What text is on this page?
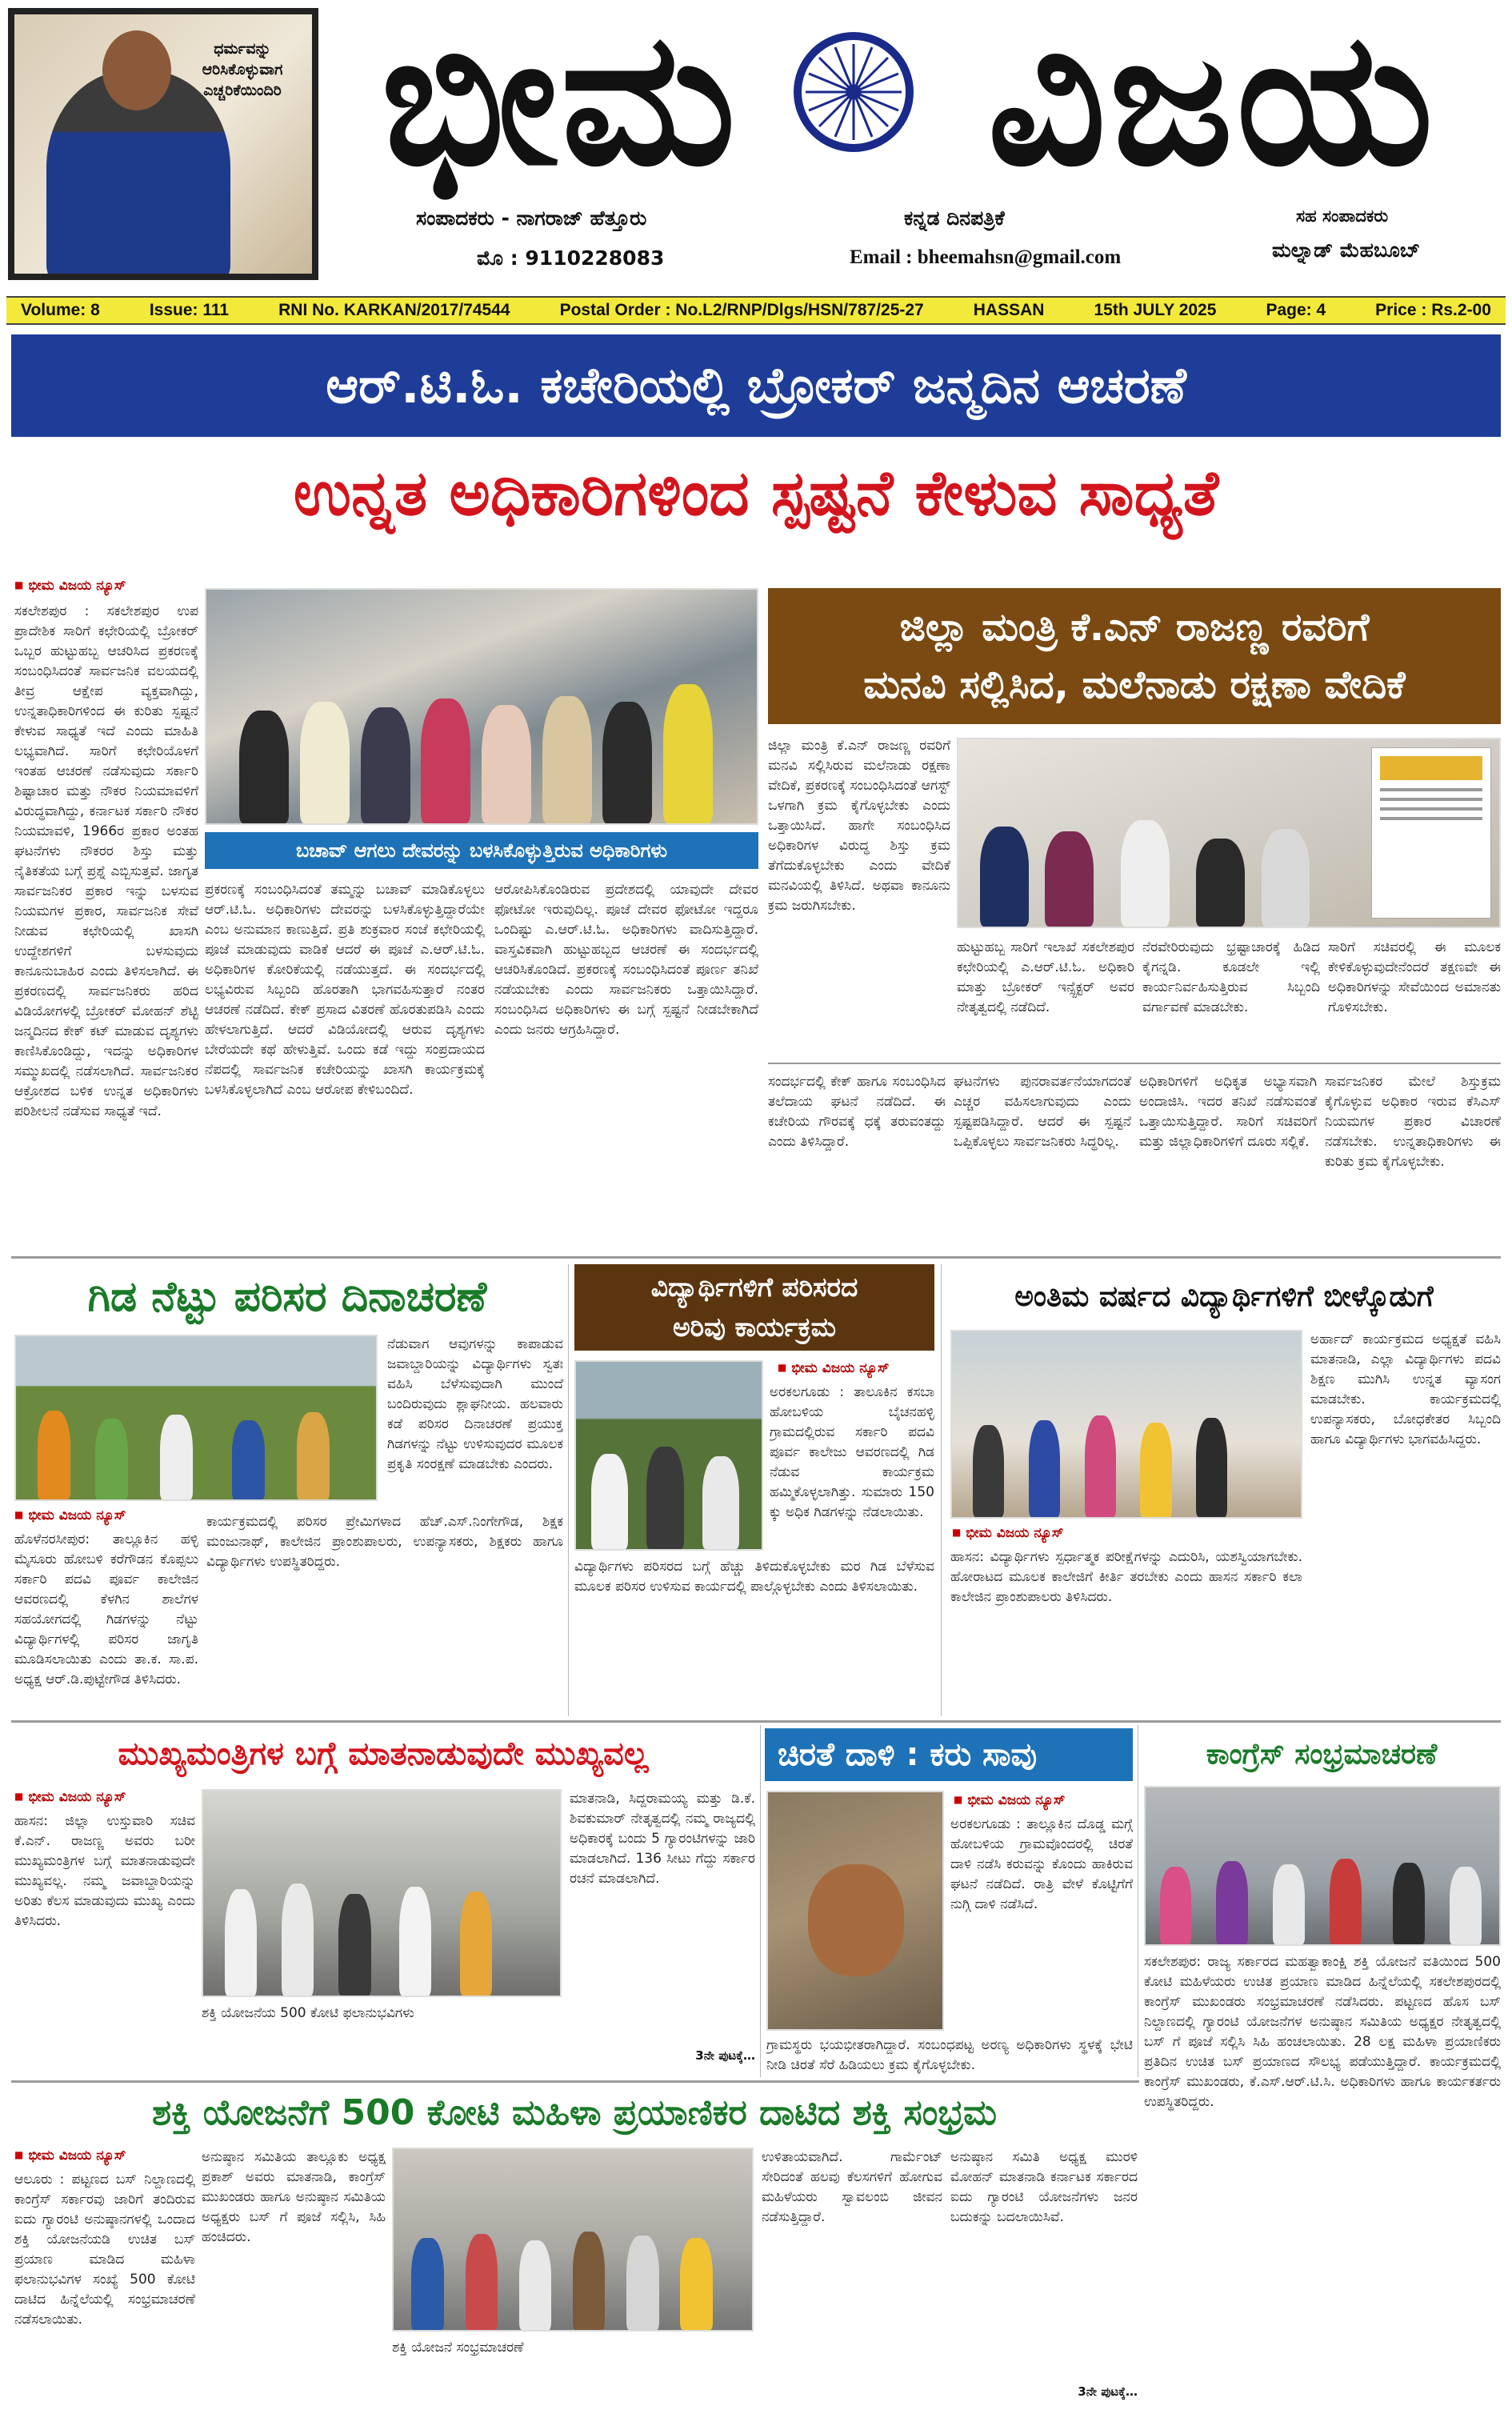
ಧರ್ಮವನ್ನು
ಆರಿಸಿಕೊಳ್ಳುವಾಗ
ಎಚ್ಚರಿಕೆಯಿಂದಿರಿ ಭೀಮ	ವಿಜಯ
ಸಂಪಾದಕರು - ನಾಗರಾಜ್ ಹೆತ್ತೂರು
ಮೊ : 9110228083
ಕನ್ನಡ ದಿನಪತ್ರಿಕೆ
Email : bheemahsn@gmail.com
ಸಹ ಸಂಪಾದಕರು
ಮಲ್ನಾಡ್ ಮೆಹಬೂಬ್
Volume: 8	Issue: 111	RNI No. KARKAN/2017/74544	Postal Order : No.L2/RNP/Dlgs/HSN/787/25-27	HASSAN	15th JULY 2025	Page: 4	Price : Rs.2-00
ಆರ್.ಟಿ.ಓ. ಕಚೇರಿಯಲ್ಲಿ ಬ್ರೋಕರ್ ಜನ್ಮದಿನ ಆಚರಣೆ
ಉನ್ನತ ಅಧಿಕಾರಿಗಳಿಂದ ಸ್ಪಷ್ಟನೆ ಕೇಳುವ ಸಾಧ್ಯತೆ
■ ಭೀಮ ವಿಜಯ ನ್ಯೂಸ್
ಸಕಲೇಶಪುರ : ಸಕಲೇಶಪುರ ಉಪ ಪ್ರಾದೇಶಿಕ ಸಾರಿಗೆ ಕಛೇರಿಯಲ್ಲಿ ಬ್ರೋಕರ್ ಒಬ್ಬರ ಹುಟ್ಟುಹಬ್ಬ ಆಚರಿಸಿದ ಪ್ರಕರಣಕ್ಕೆ ಸಂಬಂಧಿಸಿದಂತೆ ಸಾರ್ವಜನಿಕ ವಲಯದಲ್ಲಿ ತೀವ್ರ ಆಕ್ಷೇಪ ವ್ಯಕ್ತವಾಗಿದ್ದು, ಉನ್ನತಾಧಿಕಾರಿಗಳಿಂದ ಈ ಕುರಿತು ಸ್ಪಷ್ಟನೆ ಕೇಳುವ ಸಾಧ್ಯತೆ ಇದೆ ಎಂದು ಮಾಹಿತಿ ಲಭ್ಯವಾಗಿದೆ. ಸಾರಿಗೆ ಕಛೇರಿಯೊಳಗೆ ಇಂತಹ ಆಚರಣೆ ನಡೆಸುವುದು ಸರ್ಕಾರಿ ಶಿಷ್ಟಾಚಾರ ಮತ್ತು ನೌಕರ ನಿಯಮಾವಳಿಗೆ ವಿರುದ್ಧವಾಗಿದ್ದು, ಕರ್ನಾಟಕ ಸರ್ಕಾರಿ ನೌಕರ ನಿಯಮಾವಳಿ, 1966ರ ಪ್ರಕಾರ ಅಂತಹ ಘಟನೆಗಳು ನೌಕರರ ಶಿಸ್ತು ಮತ್ತು ನೈತಿಕತೆಯ ಬಗ್ಗೆ ಪ್ರಶ್ನೆ ಎಬ್ಬಿಸುತ್ತವೆ. ಜಾಗೃತ ಸಾರ್ವಜನಿಕರ ಪ್ರಕಾರ ಇನ್ನು ಬಳಸುವ ನಿಯಮಗಳ ಪ್ರಕಾರ, ಸಾರ್ವಜನಿಕ ಸೇವೆ ನೀಡುವ ಕಛೇರಿಯಲ್ಲಿ ಖಾಸಗಿ ಉದ್ದೇಶಗಳಿಗೆ ಬಳಸುವುದು ಕಾನೂನುಬಾಹಿರ ಎಂದು ತಿಳಿಸಲಾಗಿದೆ. ಈ ಪ್ರಕರಣದಲ್ಲಿ ಸಾರ್ವಜನಿಕರು ಹರಿದ ವಿಡಿಯೋಗಳಲ್ಲಿ ಬ್ರೋಕರ್ ಮೋಹನ್ ಶೆಟ್ಟಿ ಜನ್ಮದಿನದ ಕೇಕ್ ಕಟ್ ಮಾಡುವ ದೃಶ್ಯಗಳು ಕಾಣಿಸಿಕೊಂಡಿದ್ದು, ಇದನ್ನು ಅಧಿಕಾರಿಗಳ ಸಮ್ಮುಖದಲ್ಲಿ ನಡೆಸಲಾಗಿದೆ. ಸಾರ್ವಜನಿಕರ ಆಕ್ರೋಶದ ಬಳಿಕ ಉನ್ನತ ಅಧಿಕಾರಿಗಳು ಪರಿಶೀಲನೆ ನಡೆಸುವ ಸಾಧ್ಯತೆ ಇದೆ.
ಬಚಾವ್ ಆಗಲು ದೇವರನ್ನು ಬಳಸಿಕೊಳ್ಳುತ್ತಿರುವ ಅಧಿಕಾರಿಗಳು
ಪ್ರಕರಣಕ್ಕೆ ಸಂಬಂಧಿಸಿದಂತೆ ತಮ್ಮನ್ನು ಬಚಾವ್ ಮಾಡಿಕೊಳ್ಳಲು ಆರ್.ಟಿ.ಓ. ಅಧಿಕಾರಿಗಳು ದೇವರನ್ನು ಬಳಸಿಕೊಳ್ಳುತ್ತಿದ್ದಾರೆಯೇ ಎಂಬ ಅನುಮಾನ ಕಾಣುತ್ತಿದೆ. ಪ್ರತಿ ಶುಕ್ರವಾರ ಸಂಜೆ ಕಛೇರಿಯಲ್ಲಿ ಪೂಜೆ ಮಾಡುವುದು ವಾಡಿಕೆ ಆದರೆ ಈ ಪೂಜೆ ಎ.ಆರ್.ಟಿ.ಓ. ಅಧಿಕಾರಿಗಳ ಕೋರಿಕೆಯಲ್ಲಿ ನಡೆಯುತ್ತದೆ. ಈ ಸಂದರ್ಭದಲ್ಲಿ ಲಭ್ಯವಿರುವ ಸಿಬ್ಬಂದಿ ಹೊರತಾಗಿ ಭಾಗವಹಿಸುತ್ತಾರೆ ನಂತರ ಆಚರಣೆ ನಡೆದಿದೆ. ಕೇಕ್ ಪ್ರಸಾದ ವಿತರಣೆ ಹೊರತುಪಡಿಸಿ ಎಂದು ಹೇಳಲಾಗುತ್ತಿದೆ. ಆದರೆ ವಿಡಿಯೋದಲ್ಲಿ ಆರುವ ದೃಶ್ಯಗಳು ಬೇರೆಯದೇ ಕಥೆ ಹೇಳುತ್ತಿವೆ. ಒಂದು ಕಡೆ ಇದ್ದು ಸಂಪ್ರದಾಯದ ನೆಪದಲ್ಲಿ ಸಾರ್ವಜನಿಕ ಕಚೇರಿಯನ್ನು ಖಾಸಗಿ ಕಾರ್ಯಕ್ರಮಕ್ಕೆ ಬಳಸಿಕೊಳ್ಳಲಾಗಿದೆ ಎಂಬ ಆರೋಪ ಕೇಳಿಬಂದಿದೆ.
ಆರೋಪಿಸಿಕೊಂಡಿರುವ ಪ್ರದೇಶದಲ್ಲಿ ಯಾವುದೇ ದೇವರ ಫೋಟೋ ಇರುವುದಿಲ್ಲ. ಪೂಜೆ ದೇವರ ಫೋಟೋ ಇದ್ದರೂ ಒಂದಿಷ್ಟು ಎ.ಆರ್.ಟಿ.ಓ. ಅಧಿಕಾರಿಗಳು ವಾದಿಸುತ್ತಿದ್ದಾರೆ. ವಾಸ್ತವಿಕವಾಗಿ ಹುಟ್ಟುಹಬ್ಬದ ಆಚರಣೆ ಈ ಸಂದರ್ಭದಲ್ಲಿ ಆಚರಿಸಿಕೊಂಡಿದೆ. ಪ್ರಕರಣಕ್ಕೆ ಸಂಬಂಧಿಸಿದಂತೆ ಪೂರ್ಣ ತನಿಖೆ ನಡೆಯಬೇಕು ಎಂದು ಸಾರ್ವಜನಿಕರು ಒತ್ತಾಯಿಸಿದ್ದಾರೆ. ಸಂಬಂಧಿಸಿದ ಅಧಿಕಾರಿಗಳು ಈ ಬಗ್ಗೆ ಸ್ಪಷ್ಟನೆ ನೀಡಬೇಕಾಗಿದೆ ಎಂದು ಜನರು ಆಗ್ರಹಿಸಿದ್ದಾರೆ.
ಜಿಲ್ಲಾ ಮಂತ್ರಿ ಕೆ.ಎನ್ ರಾಜಣ್ಣ ರವರಿಗೆ
ಮನವಿ ಸಲ್ಲಿಸಿದ, ಮಲೆನಾಡು ರಕ್ಷಣಾ ವೇದಿಕೆ
ಜಿಲ್ಲಾ ಮಂತ್ರಿ ಕೆ.ಎನ್ ರಾಜಣ್ಣ ರವರಿಗೆ ಮನವಿ ಸಲ್ಲಿಸಿರುವ ಮಲೆನಾಡು ರಕ್ಷಣಾ ವೇದಿಕೆ, ಪ್ರಕರಣಕ್ಕೆ ಸಂಬಂಧಿಸಿದಂತೆ ಆಗಸ್ಟ್ ಒಳಗಾಗಿ ಕ್ರಮ ಕೈಗೊಳ್ಳಬೇಕು ಎಂದು ಒತ್ತಾಯಿಸಿದೆ. ಹಾಗೇ ಸಂಬಂಧಿಸಿದ ಅಧಿಕಾರಿಗಳ ವಿರುದ್ಧ ಶಿಸ್ತು ಕ್ರಮ ತೆಗೆದುಕೊಳ್ಳಬೇಕು ಎಂದು ವೇದಿಕೆ ಮನವಿಯಲ್ಲಿ ತಿಳಿಸಿದೆ. ಅಥವಾ ಕಾನೂನು ಕ್ರಮ ಜರುಗಿಸಬೇಕು.
ಹುಟ್ಟುಹಬ್ಬ ಸಾರಿಗೆ ಇಲಾಖೆ ಸಕಲೇಶಪುರ ಕಛೇರಿಯಲ್ಲಿ ಎ.ಆರ್.ಟಿ.ಓ. ಅಧಿಕಾರಿ ಮಾತ್ತು ಬ್ರೋಕರ್ ಇನ್ಸ್ಪೆಕ್ಟರ್ ಅವರ ನೇತೃತ್ವದಲ್ಲಿ ನಡೆದಿದೆ.
ನೆರವೇರಿರುವುದು ಭ್ರಷ್ಟಾಚಾರಕ್ಕೆ ಹಿಡಿದ ಕೈಗನ್ನಡಿ. ಕೂಡಲೇ ಇಲ್ಲಿ ಕಾರ್ಯನಿರ್ವಹಿಸುತ್ತಿರುವ ಸಿಬ್ಬಂದಿ ವರ್ಗಾವಣೆ ಮಾಡಬೇಕು.
ಸಾರಿಗೆ ಸಚಿವರಲ್ಲಿ ಈ ಮೂಲಕ ಕೇಳಿಕೊಳ್ಳುವುದೇನೆಂದರೆ ತಕ್ಷಣವೇ ಈ ಅಧಿಕಾರಿಗಳನ್ನು ಸೇವೆಯಿಂದ ಅಮಾನತು ಗೊಳಿಸಬೇಕು.
ಸಂದರ್ಭದಲ್ಲಿ ಕೇಕ್ ಹಾಗೂ ಸಂಬಂಧಿಸಿದ ತಲೆದಾಯ ಘಟನೆ ನಡೆದಿದೆ. ಈ ಕಚೇರಿಯ ಗೌರವಕ್ಕೆ ಧಕ್ಕೆ ತರುವಂತದ್ದು ಎಂದು ತಿಳಿಸಿದ್ದಾರೆ.
ಘಟನೆಗಳು ಪುನರಾವರ್ತನೆಯಾಗದಂತೆ ಎಚ್ಚರ ವಹಿಸಲಾಗುವುದು ಎಂದು ಸ್ಪಷ್ಟಪಡಿಸಿದ್ದಾರೆ. ಆದರೆ ಈ ಸ್ಪಷ್ಟನೆ ಒಪ್ಪಿಕೊಳ್ಳಲು ಸಾರ್ವಜನಿಕರು ಸಿದ್ಧರಿಲ್ಲ.
ಅಧಿಕಾರಿಗಳಿಗೆ ಅಧಿಕೃತ ಅಭ್ಯಾಸವಾಗಿ ಅಂದಾಜಿಸಿ. ಇದರ ತನಿಖೆ ನಡೆಸುವಂತೆ ಒತ್ತಾಯಿಸುತ್ತಿದ್ದಾರೆ. ಸಾರಿಗೆ ಸಚಿವರಿಗೆ ಮತ್ತು ಜಿಲ್ಲಾಧಿಕಾರಿಗಳಿಗೆ ದೂರು ಸಲ್ಲಿಕೆ.
ಸಾರ್ವಜನಿಕರ ಮೇಲೆ ಶಿಸ್ತುಕ್ರಮ ಕೈಗೊಳ್ಳುವ ಅಧಿಕಾರ ಇರುವ ಕೆಸಿಎಸ್ ನಿಯಮಗಳ ಪ್ರಕಾರ ವಿಚಾರಣೆ ನಡೆಸಬೇಕು. ಉನ್ನತಾಧಿಕಾರಿಗಳು ಈ ಕುರಿತು ಕ್ರಮ ಕೈಗೊಳ್ಳಬೇಕು.
ಗಿಡ ನೆಟ್ಟು ಪರಿಸರ ದಿನಾಚರಣೆ
ನೆಡುವಾಗ ಆವುಗಳನ್ನು ಕಾಪಾಡುವ ಜವಾಬ್ದಾರಿಯನ್ನು ವಿದ್ಯಾರ್ಥಿಗಳು ಸ್ವತಃ ವಹಿಸಿ ಬೆಳೆಸುವುದಾಗಿ ಮುಂದೆ ಬಂದಿರುವುದು ಶ್ಲಾಘನೀಯ. ಹಲವಾರು ಕಡೆ ಪರಿಸರ ದಿನಾಚರಣೆ ಪ್ರಯುಕ್ತ ಗಿಡಗಳನ್ನು ನೆಟ್ಟು ಉಳಿಸುವುದರ ಮೂಲಕ ಪ್ರಕೃತಿ ಸಂರಕ್ಷಣೆ ಮಾಡಬೇಕು ಎಂದರು.
■ ಭೀಮ ವಿಜಯ ನ್ಯೂಸ್
ಹೊಳೆನರಸೀಪುರ: ತಾಲ್ಲೂಕಿನ ಹಳ್ಳಿ ಮೈಸೂರು ಹೋಬಳಿ ಕರೆಗೌಡನ ಕೊಪ್ಪಲು ಸರ್ಕಾರಿ ಪದವಿ ಪೂರ್ವ ಕಾಲೇಜಿನ ಆವರಣದಲ್ಲಿ ಕೆಳಗಿನ ಶಾಲೆಗಳ ಸಹಯೋಗದಲ್ಲಿ ಗಿಡಗಳನ್ನು ನೆಟ್ಟು ವಿದ್ಯಾರ್ಥಿಗಳಲ್ಲಿ ಪರಿಸರ ಜಾಗೃತಿ ಮೂಡಿಸಲಾಯಿತು ಎಂದು ತಾ.ಕ. ಸಾ.ಪ. ಅಧ್ಯಕ್ಷ ಆರ್.ಡಿ.ಪುಟ್ಟೇಗೌಡ ತಿಳಿಸಿದರು.
ಕಾರ್ಯಕ್ರಮದಲ್ಲಿ ಪರಿಸರ ಪ್ರೇಮಿಗಳಾದ ಹೆಚ್.ಎಸ್.ನಿಂಗೇಗೌಡ, ಶಿಕ್ಷಕ ಮಂಜುನಾಥ್, ಕಾಲೇಜಿನ ಪ್ರಾಂಶುಪಾಲರು, ಉಪನ್ಯಾಸಕರು, ಶಿಕ್ಷಕರು ಹಾಗೂ ವಿದ್ಯಾರ್ಥಿಗಳು ಉಪಸ್ಥಿತರಿದ್ದರು.
ವಿದ್ಯಾರ್ಥಿಗಳಿಗೆ ಪರಿಸರದ
ಅರಿವು ಕಾರ್ಯಕ್ರಮ
■ ಭೀಮ ವಿಜಯ ನ್ಯೂಸ್
ಅರಕಲಗೂಡು : ತಾಲೂಕಿನ ಕಸಬಾ ಹೋಬಳಿಯ ಬೈಚನಹಳ್ಳಿ ಗ್ರಾಮದಲ್ಲಿರುವ ಸರ್ಕಾರಿ ಪದವಿ ಪೂರ್ವ ಕಾಲೇಜು ಆವರಣದಲ್ಲಿ ಗಿಡ ನೆಡುವ ಕಾರ್ಯಕ್ರಮ ಹಮ್ಮಿಕೊಳ್ಳಲಾಗಿತ್ತು. ಸುಮಾರು 150 ಕ್ಕು ಅಧಿಕ ಗಿಡಗಳನ್ನು ನೆಡಲಾಯಿತು.
ವಿದ್ಯಾರ್ಥಿಗಳು ಪರಿಸರದ ಬಗ್ಗೆ ಹೆಚ್ಚು ತಿಳಿದುಕೊಳ್ಳಬೇಕು ಮರ ಗಿಡ ಬೆಳೆಸುವ ಮೂಲಕ ಪರಿಸರ ಉಳಿಸುವ ಕಾರ್ಯದಲ್ಲಿ ಪಾಲ್ಗೊಳ್ಳಬೇಕು ಎಂದು ತಿಳಿಸಲಾಯಿತು.
ಅಂತಿಮ ವರ್ಷದ ವಿದ್ಯಾರ್ಥಿಗಳಿಗೆ ಬೀಳ್ಕೊಡುಗೆ
ಅರ್ಹಾದ್ ಕಾರ್ಯಕ್ರಮದ ಅಧ್ಯಕ್ಷತೆ ವಹಿಸಿ ಮಾತನಾಡಿ, ಎಲ್ಲಾ ವಿದ್ಯಾರ್ಥಿಗಳು ಪದವಿ ಶಿಕ್ಷಣ ಮುಗಿಸಿ ಉನ್ನತ ವ್ಯಾಸಂಗ ಮಾಡಬೇಕು. ಕಾರ್ಯಕ್ರಮದಲ್ಲಿ ಉಪನ್ಯಾಸಕರು, ಬೋಧಕೇತರ ಸಿಬ್ಬಂದಿ ಹಾಗೂ ವಿದ್ಯಾರ್ಥಿಗಳು ಭಾಗವಹಿಸಿದ್ದರು.
■ ಭೀಮ ವಿಜಯ ನ್ಯೂಸ್
ಹಾಸನ: ವಿದ್ಯಾರ್ಥಿಗಳು ಸ್ಪರ್ಧಾತ್ಮಕ ಪರೀಕ್ಷೆಗಳನ್ನು ಎದುರಿಸಿ, ಯಶಸ್ವಿಯಾಗಬೇಕು. ಹೋರಾಟದ ಮೂಲಕ ಕಾಲೇಜಿಗೆ ಕೀರ್ತಿ ತರಬೇಕು ಎಂದು ಹಾಸನ ಸರ್ಕಾರಿ ಕಲಾ ಕಾಲೇಜಿನ ಪ್ರಾಂಶುಪಾಲರು ತಿಳಿಸಿದರು.
ಮುಖ್ಯಮಂತ್ರಿಗಳ ಬಗ್ಗೆ ಮಾತನಾಡುವುದೇ ಮುಖ್ಯವಲ್ಲ
■ ಭೀಮ ವಿಜಯ ನ್ಯೂಸ್
ಹಾಸನ: ಜಿಲ್ಲಾ ಉಸ್ತುವಾರಿ ಸಚಿವ ಕೆ.ಎನ್. ರಾಜಣ್ಣ ಅವರು ಬರೀ ಮುಖ್ಯಮಂತ್ರಿಗಳ ಬಗ್ಗೆ ಮಾತನಾಡುವುದೇ ಮುಖ್ಯವಲ್ಲ. ನಮ್ಮ ಜವಾಬ್ದಾರಿಯನ್ನು ಅರಿತು ಕೆಲಸ ಮಾಡುವುದು ಮುಖ್ಯ ಎಂದು ತಿಳಿಸಿದರು.
ಶಕ್ತಿ ಯೋಜನೆಯ 500 ಕೋಟಿ ಫಲಾನುಭವಿಗಳು
ಮಾತನಾಡಿ, ಸಿದ್ದರಾಮಯ್ಯ ಮತ್ತು ಡಿ.ಕೆ. ಶಿವಕುಮಾರ್ ನೇತೃತ್ವದಲ್ಲಿ ನಮ್ಮ ರಾಜ್ಯದಲ್ಲಿ ಅಧಿಕಾರಕ್ಕೆ ಬಂದು 5 ಗ್ಯಾರಂಟಿಗಳನ್ನು ಜಾರಿ ಮಾಡಲಾಗಿದೆ. 136 ಸೀಟು ಗೆದ್ದು ಸರ್ಕಾರ ರಚನೆ ಮಾಡಲಾಗಿದೆ.
3ನೇ ಪುಟಕ್ಕೆ…
ಚಿರತೆ ದಾಳಿ : ಕರು ಸಾವು
■ ಭೀಮ ವಿಜಯ ನ್ಯೂಸ್
ಅರಕಲಗೂಡು : ತಾಲ್ಲೂಕಿನ ದೊಡ್ಡ ಮಗ್ಗೆ ಹೋಬಳಿಯ ಗ್ರಾಮವೊಂದರಲ್ಲಿ ಚಿರತೆ ದಾಳಿ ನಡೆಸಿ ಕರುವನ್ನು ಕೊಂದು ಹಾಕಿರುವ ಘಟನೆ ನಡೆದಿದೆ. ರಾತ್ರಿ ವೇಳೆ ಕೊಟ್ಟಿಗೆಗೆ ನುಗ್ಗಿ ದಾಳಿ ನಡೆಸಿದೆ.
ಗ್ರಾಮಸ್ಥರು ಭಯಭೀತರಾಗಿದ್ದಾರೆ. ಸಂಬಂಧಪಟ್ಟ ಅರಣ್ಯ ಅಧಿಕಾರಿಗಳು ಸ್ಥಳಕ್ಕೆ ಭೇಟಿ ನೀಡಿ ಚಿರತೆ ಸೆರೆ ಹಿಡಿಯಲು ಕ್ರಮ ಕೈಗೊಳ್ಳಬೇಕು.
ಕಾಂಗ್ರೆಸ್ ಸಂಭ್ರಮಾಚರಣೆ
ಸಕಲೇಶಪುರ: ರಾಜ್ಯ ಸರ್ಕಾರದ ಮಹತ್ವಾಕಾಂಕ್ಷಿ ಶಕ್ತಿ ಯೋಜನೆ ವತಿಯಿಂದ 500 ಕೋಟಿ ಮಹಿಳೆಯರು ಉಚಿತ ಪ್ರಯಾಣ ಮಾಡಿದ ಹಿನ್ನೆಲೆಯಲ್ಲಿ ಸಕಲೇಶಪುರದಲ್ಲಿ ಕಾಂಗ್ರೆಸ್ ಮುಖಂಡರು ಸಂಭ್ರಮಾಚರಣೆ ನಡೆಸಿದರು. ಪಟ್ಟಣದ ಹೊಸ ಬಸ್ ನಿಲ್ದಾಣದಲ್ಲಿ ಗ್ಯಾರಂಟಿ ಯೋಜನೆಗಳ ಅನುಷ್ಠಾನ ಸಮಿತಿಯ ಅಧ್ಯಕ್ಷರ ನೇತೃತ್ವದಲ್ಲಿ ಬಸ್ ಗೆ ಪೂಜೆ ಸಲ್ಲಿಸಿ ಸಿಹಿ ಹಂಚಲಾಯಿತು. 28 ಲಕ್ಷ ಮಹಿಳಾ ಪ್ರಯಾಣಿಕರು ಪ್ರತಿದಿನ ಉಚಿತ ಬಸ್ ಪ್ರಯಾಣದ ಸೌಲಭ್ಯ ಪಡೆಯುತ್ತಿದ್ದಾರೆ. ಕಾರ್ಯಕ್ರಮದಲ್ಲಿ ಕಾಂಗ್ರೆಸ್ ಮುಖಂಡರು, ಕೆ.ಎಸ್.ಆರ್.ಟಿ.ಸಿ. ಅಧಿಕಾರಿಗಳು ಹಾಗೂ ಕಾರ್ಯಕರ್ತರು ಉಪಸ್ಥಿತರಿದ್ದರು.
ಶಕ್ತಿ ಯೋಜನೆಗೆ 500 ಕೋಟಿ ಮಹಿಳಾ ಪ್ರಯಾಣಿಕರ ದಾಟಿದ ಶಕ್ತಿ ಸಂಭ್ರಮ
■ ಭೀಮ ವಿಜಯ ನ್ಯೂಸ್
ಆಲೂರು : ಪಟ್ಟಣದ ಬಸ್ ನಿಲ್ದಾಣದಲ್ಲಿ ಕಾಂಗ್ರೆಸ್ ಸರ್ಕಾರವು ಜಾರಿಗೆ ತಂದಿರುವ ಐದು ಗ್ಯಾರಂಟಿ ಅನುಷ್ಠಾನಗಳಲ್ಲಿ ಒಂದಾದ ಶಕ್ತಿ ಯೋಜನೆಯಡಿ ಉಚಿತ ಬಸ್ ಪ್ರಯಾಣ ಮಾಡಿದ ಮಹಿಳಾ ಫಲಾನುಭವಿಗಳ ಸಂಖ್ಯೆ 500 ಕೋಟಿ ದಾಟಿದ ಹಿನ್ನೆಲೆಯಲ್ಲಿ ಸಂಭ್ರಮಾಚರಣೆ ನಡೆಸಲಾಯಿತು.
ಅನುಷ್ಠಾನ ಸಮಿತಿಯ ತಾಲ್ಲೂಕು ಅಧ್ಯಕ್ಷ ಪ್ರಕಾಶ್ ಅವರು ಮಾತನಾಡಿ, ಕಾಂಗ್ರೆಸ್ ಮುಖಂಡರು ಹಾಗೂ ಅನುಷ್ಠಾನ ಸಮಿತಿಯ ಅಧ್ಯಕ್ಷರು ಬಸ್ ಗೆ ಪೂಜೆ ಸಲ್ಲಿಸಿ, ಸಿಹಿ ಹಂಚಿದರು.
ಶಕ್ತಿ ಯೋಜನೆ ಸಂಭ್ರಮಾಚರಣೆ
ಉಳಿತಾಯವಾಗಿದೆ. ಗಾರ್ಮೆಂಟ್ ಸೇರಿದಂತೆ ಹಲವು ಕೆಲಸಗಳಿಗೆ ಹೋಗುವ ಮಹಿಳೆಯರು ಸ್ವಾವಲಂಬಿ ಜೀವನ ನಡೆಸುತ್ತಿದ್ದಾರೆ.
ಅನುಷ್ಠಾನ ಸಮಿತಿ ಅಧ್ಯಕ್ಷ ಮುರಳಿ ಮೋಹನ್ ಮಾತನಾಡಿ ಕರ್ನಾಟಕ ಸರ್ಕಾರದ ಐದು ಗ್ಯಾರಂಟಿ ಯೋಜನೆಗಳು ಜನರ ಬದುಕನ್ನು ಬದಲಾಯಿಸಿವೆ.
3ನೇ ಪುಟಕ್ಕೆ…
